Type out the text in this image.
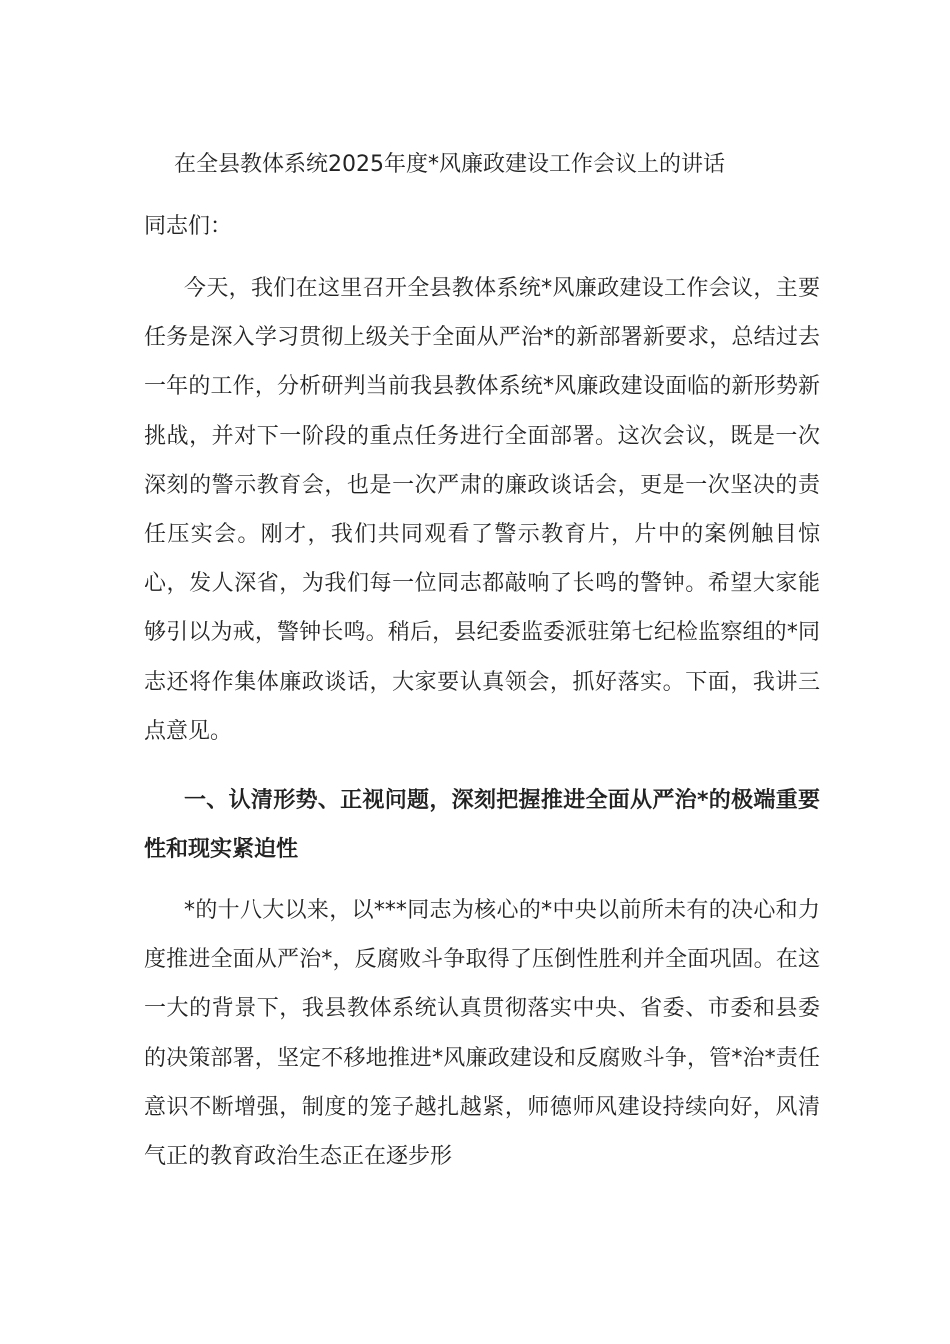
在全县教体系统2025年度*风廉政建设工作会议上的讲话
同志们：

今天，我们在这里召开全县教体系统*风廉政建设工作会议，主要任务是深入学习贯彻上级关于全面从严治*的新部署新要求，总结过去一年的工作，分析研判当前我县教体系统*风廉政建设面临的新形势新挑战，并对下一阶段的重点任务进行全面部署。这次会议，既是一次深刻的警示教育会，也是一次严肃的廉政谈话会，更是一次坚决的责任压实会。刚才，我们共同观看了警示教育片，片中的案例触目惊心，发人深省，为我们每一位同志都敲响了长鸣的警钟。希望大家能够引以为戒，警钟长鸣。稍后，县纪委监委派驻第七纪检监察组的*同志还将作集体廉政谈话，大家要认真领会，抓好落实。下面，我讲三点意见。

一、认清形势、正视问题，深刻把握推进全面从严治*的极端重要性和现实紧迫性

*的十八大以来，以***同志为核心的*中央以前所未有的决心和力度推进全面从严治*，反腐败斗争取得了压倒性胜利并全面巩固。在这一大的背景下，我县教体系统认真贯彻落实中央、省委、市委和县委的决策部署，坚定不移地推进*风廉政建设和反腐败斗争，管*治*责任意识不断增强，制度的笼子越扎越紧，师德师风建设持续向好，风清气正的教育政治生态正在逐步形
